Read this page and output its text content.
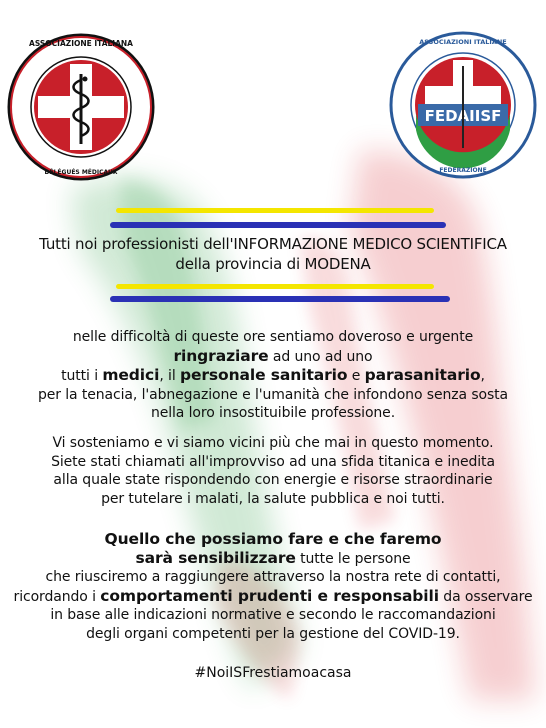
ASSOCIAZIONE ITALIANA
DÉLÉGUÉS MÉDICAUX
FEDAIISF
ASSOCIAZIONI ITALIANE
FEDERAZIONE
Tutti noi professionisti dell'INFORMAZIONE MEDICO SCIENTIFICA
della provincia di MODENA
nelle difficoltà di queste ore sentiamo doveroso e urgente
ringraziare ad uno ad uno
tutti i medici, il personale sanitario e parasanitario,
per la tenacia, l'abnegazione e l'umanità che infondono senza sosta
nella loro insostituibile professione.
Vi sosteniamo e vi siamo vicini più che mai in questo momento.
Siete stati chiamati all'improvviso ad una sfida titanica e inedita
alla quale state rispondendo con energie e risorse straordinarie
per tutelare i malati, la salute pubblica e noi tutti.
Quello che possiamo fare e che faremo
sarà sensibilizzare tutte le persone
che riusciremo a raggiungere attraverso la nostra rete di contatti,
ricordando i comportamenti prudenti e responsabili da osservare
in base alle indicazioni normative e secondo le raccomandazioni
degli organi competenti per la gestione del COVID-19.
#NoiISFrestiamoacasa
